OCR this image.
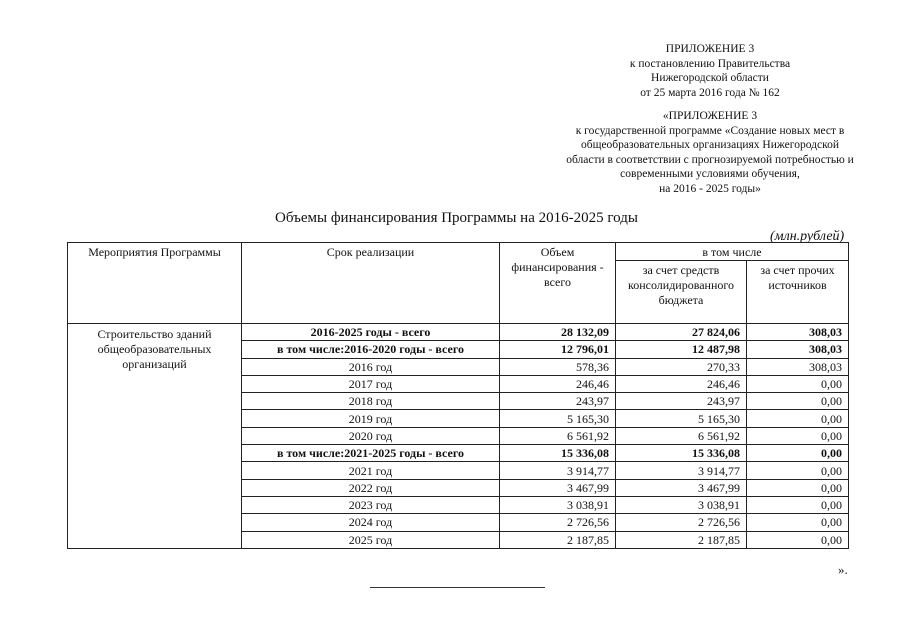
ПРИЛОЖЕНИЕ 3
к постановлению Правительства
Нижегородской области
от 25 марта 2016 года № 162
«ПРИЛОЖЕНИЕ 3
к государственной программе «Создание новых мест в
общеобразовательных организациях Нижегородской
области в соответствии с прогнозируемой потребностью и
современными условиями обучения,
на 2016 - 2025 годы»
Объемы финансирования Программы на 2016-2025 годы
(млн.рублей)
Мероприятия Программы	Срок реализации	Объем финансирования - всего	в том числе	
			за счет средств консолидированного бюджета	за счет прочих источников
Строительство зданий общеобразовательных организаций	2016-2025 годы - всего	28 132,09	27 824,06	308,03
	в том числе:2016-2020 годы - всего	12 796,01	12 487,98	308,03
	2016 год	578,36	270,33	308,03
	2017 год	246,46	246,46	0,00
	2018 год	243,97	243,97	0,00
	2019 год	5 165,30	5 165,30	0,00
	2020 год	6 561,92	6 561,92	0,00
	в том числе:2021-2025 годы - всего	15 336,08	15 336,08	0,00
	2021 год	3 914,77	3 914,77	0,00
	2022 год	3 467,99	3 467,99	0,00
	2023 год	3 038,91	3 038,91	0,00
	2024 год	2 726,56	2 726,56	0,00
	2025 год	2 187,85	2 187,85	0,00
».
